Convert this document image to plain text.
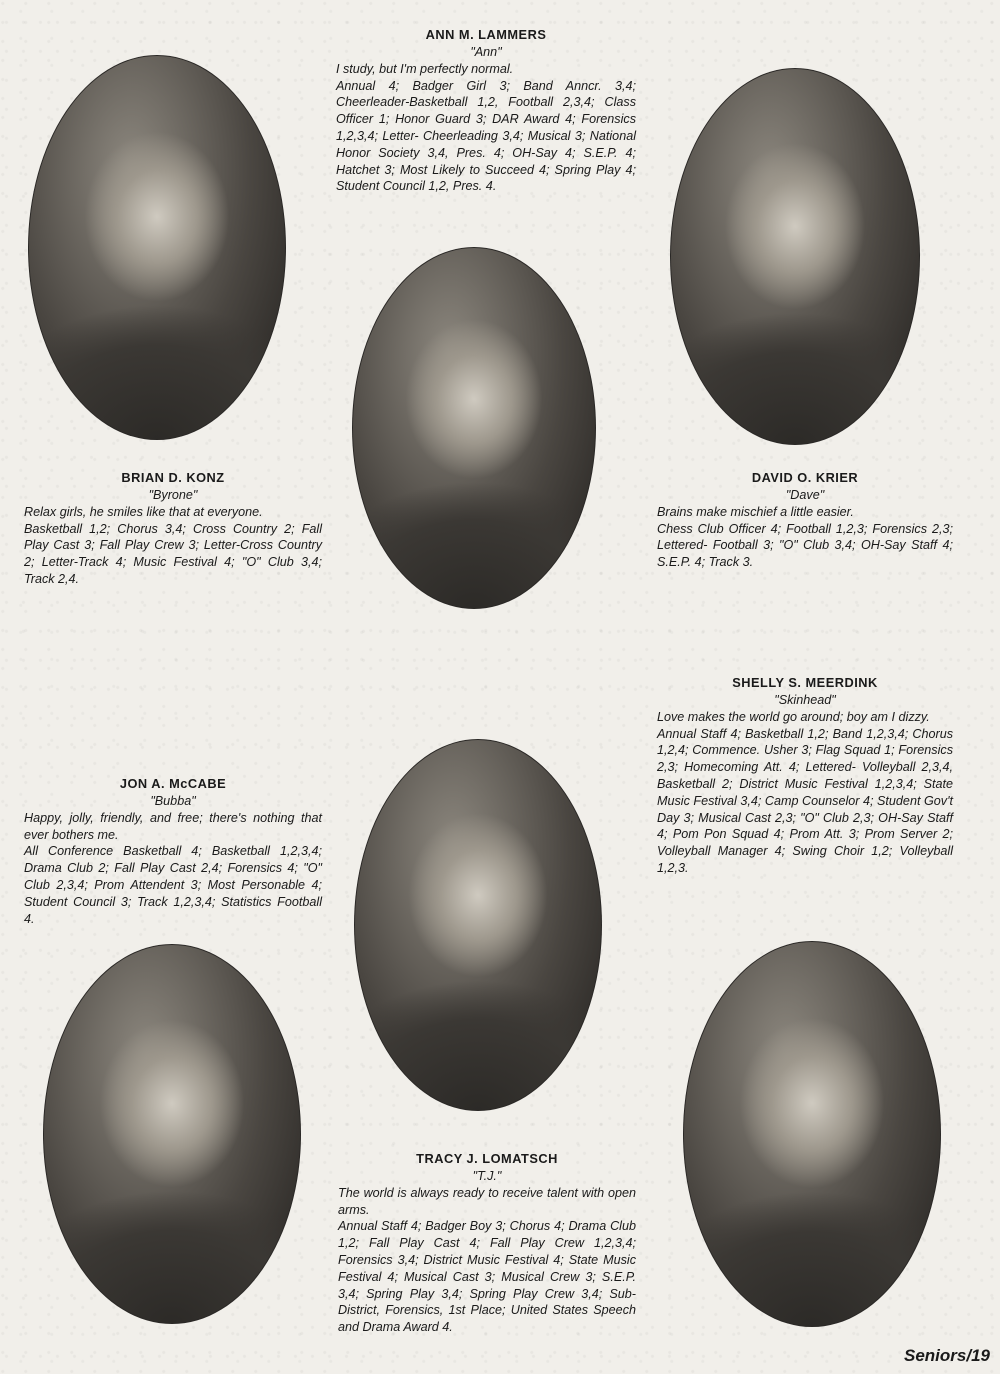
ANN M. LAMMERS
"Ann"
I study, but I'm perfectly normal.
Annual 4; Badger Girl 3; Band Anncr. 3,4; Cheerleader-Basketball 1,2, Football 2,3,4; Class Officer 1; Honor Guard 3; DAR Award 4; Forensics 1,2,3,4; Letter- Cheerleading 3,4; Musical 3; National Honor Society 3,4, Pres. 4; OH-Say 4; S.E.P. 4; Hatchet 3; Most Likely to Succeed 4; Spring Play 4; Student Council 1,2, Pres. 4.
BRIAN D. KONZ
"Byrone"
Relax girls, he smiles like that at everyone.
Basketball 1,2; Chorus 3,4; Cross Country 2; Fall Play Cast 3; Fall Play Crew 3; Letter-Cross Country 2; Letter-Track 4; Music Festival 4; "O" Club 3,4; Track 2,4.
DAVID O. KRIER
"Dave"
Brains make mischief a little easier.
Chess Club Officer 4; Football 1,2,3; Forensics 2,3; Lettered- Football 3; "O" Club 3,4; OH-Say Staff 4; S.E.P. 4; Track 3.
SHELLY S. MEERDINK
"Skinhead"
Love makes the world go around; boy am I dizzy.
Annual Staff 4; Basketball 1,2; Band 1,2,3,4; Chorus 1,2,4; Commence. Usher 3; Flag Squad 1; Forensics 2,3; Homecoming Att. 4; Lettered- Volleyball 2,3,4, Basketball 2; District Music Festival 1,2,3,4; State Music Festival 3,4; Camp Counselor 4; Student Gov't Day 3; Musical Cast 2,3; "O" Club 2,3; OH-Say Staff 4; Pom Pon Squad 4; Prom Att. 3; Prom Server 2; Volleyball Manager 4; Swing Choir 1,2; Volleyball 1,2,3.
JON A. McCABE
"Bubba"
Happy, jolly, friendly, and free; there's nothing that ever bothers me.
All Conference Basketball 4; Basketball 1,2,3,4; Drama Club 2; Fall Play Cast 2,4; Forensics 4; "O" Club 2,3,4; Prom Attendent 3; Most Personable 4; Student Council 3; Track 1,2,3,4; Statistics Football 4.
TRACY J. LOMATSCH
"T.J."
The world is always ready to receive talent with open arms.
Annual Staff 4; Badger Boy 3; Chorus 4; Drama Club 1,2; Fall Play Cast 4; Fall Play Crew 1,2,3,4; Forensics 3,4; District Music Festival 4; State Music Festival 4; Musical Cast 3; Musical Crew 3; S.E.P. 3,4; Spring Play 3,4; Spring Play Crew 3,4; Sub-District, Forensics, 1st Place; United States Speech and Drama Award 4.
Seniors/19
